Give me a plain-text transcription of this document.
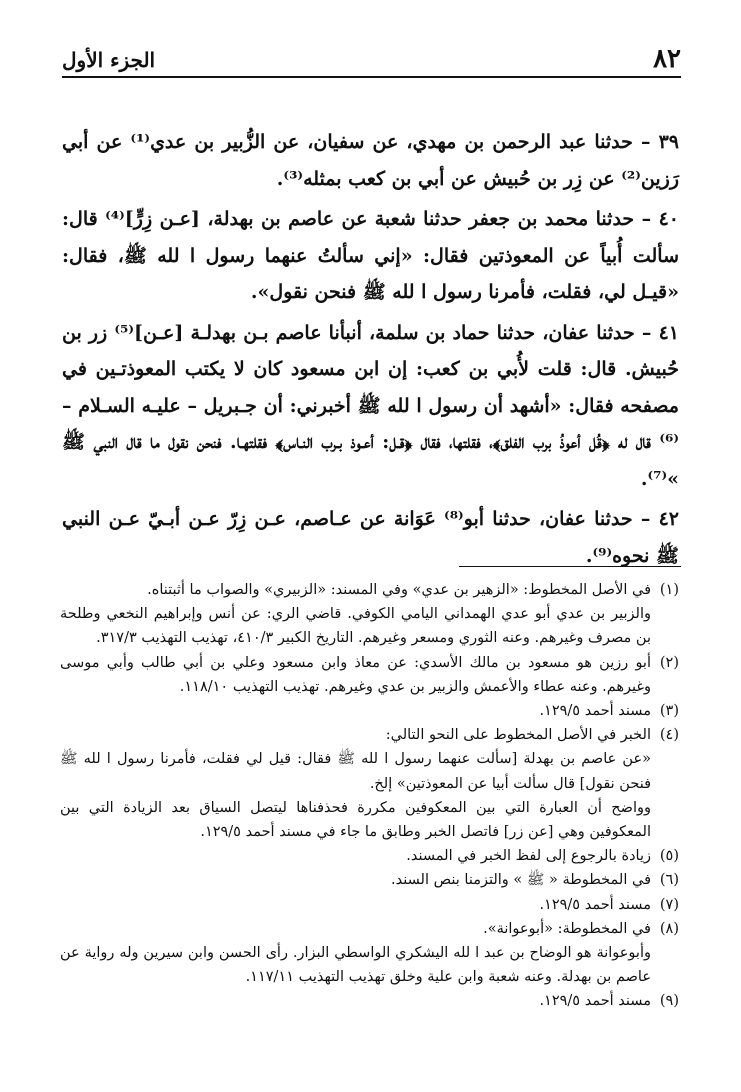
٨٢
الجزء الأول

٣٩ – حدثنا عبد الرحمن بن مهدي، عن سفيان، عن الزُّبير بن عدي⁽¹⁾ عن أبي رَزين⁽²⁾ عن زِر بن حُبيش عن أبي بن كعب بمثله⁽³⁾.

٤٠ – حدثنا محمد بن جعفر حدثنا شعبة عن عاصم بن بهدلة، [عـن زِرٍّ]⁽⁴⁾ قال: سألت أُبياً عن المعوذتين فقال: «إني سألتُ عنهما رسول ا لله ﷺ، فقال: «قيـل لي، فقلت، فأمرنا رسول ا لله ﷺ فنحن نقول».

٤١ – حدثنا عفان، حدثنا حماد بن سلمة، أنبأنا عاصم بـن بهدلـة [عـن]⁽⁵⁾ زر بن حُبيش. قال: قلت لأُبي بن كعب: إن ابن مسعود كان لا يكتب المعوذتـين في مصفحه فقال: «أشهد أن رسول ا لله ﷺ أخبرني: أن جـبريل – عليـه السـلام –⁽⁶⁾ قال له ﴿قُل أعوذُ برب الفلق﴾، فقلتها، فقال ﴿قـل: أعـوذ بـرب النـاس﴾ فقلتهـا. فنحن نقول ما قال النبي ﷺ »⁽⁷⁾.

٤٢ – حدثنا عفان، حدثنا أبو⁽⁸⁾ عَوَانة عن عـاصم، عـن زِرّ عـن أبـيّ عـن النبي ﷺ نحوه⁽⁹⁾.

(١)
في الأصل المخطوط: «الزهير بن عدي» وفي المسند: «الزبيري» والصواب ما أثبتناه.
والزبير بن عدي أبو عدي الهمداني اليامي الكوفي. قاضي الري: عن أنس وإبراهيم النخعي وطلحة بن مصرف وغيرهم. وعنه الثوري ومسعر وغيرهم. التاريخ الكبير ٤١٠/٣، تهذيب التهذيب ٣١٧/٣.
(٢)
أبو رزين هو مسعود بن مالك الأسدي: عن معاذ وابن مسعود وعلي بن أبي طالب وأبي موسى وغيرهم. وعنه عطاء والأعمش والزبير بن عدي وغيرهم. تهذيب التهذيب ١١٨/١٠.
(٣)
مسند أحمد ١٢٩/٥.
(٤)
الخبر في الأصل المخطوط على النحو التالي:
«عن عاصم بن بهدلة [سألت عنهما رسول ا لله ﷺ فقال: قيل لي فقلت، فأمرنا رسول ا لله ﷺ فنحن نقول] قال سألت أبيا عن المعوذتين» إلخ.
وواضح أن العبارة التي بين المعكوفين مكررة فحذفناها ليتصل السياق بعد الزيادة التي بين المعكوفين وهي [عن زر] فاتصل الخبر وطابق ما جاء في مسند أحمد ١٢٩/٥.
(٥)
زيادة بالرجوع إلى لفظ الخبر في المسند.
(٦)
في المخطوطة « ﷺ » والتزمنا بنص السند.
(٧)
مسند أحمد ١٢٩/٥.
(٨)
في المخطوطة: «أبوعوانة».
وأبوعوانة هو الوضاح بن عبد ا لله اليشكري الواسطي البزار. رأى الحسن وابن سيرين وله رواية عن عاصم بن بهدلة. وعنه شعبة وابن علية وخلق تهذيب التهذيب ١١٧/١١.
(٩)
مسند أحمد ١٢٩/٥.
